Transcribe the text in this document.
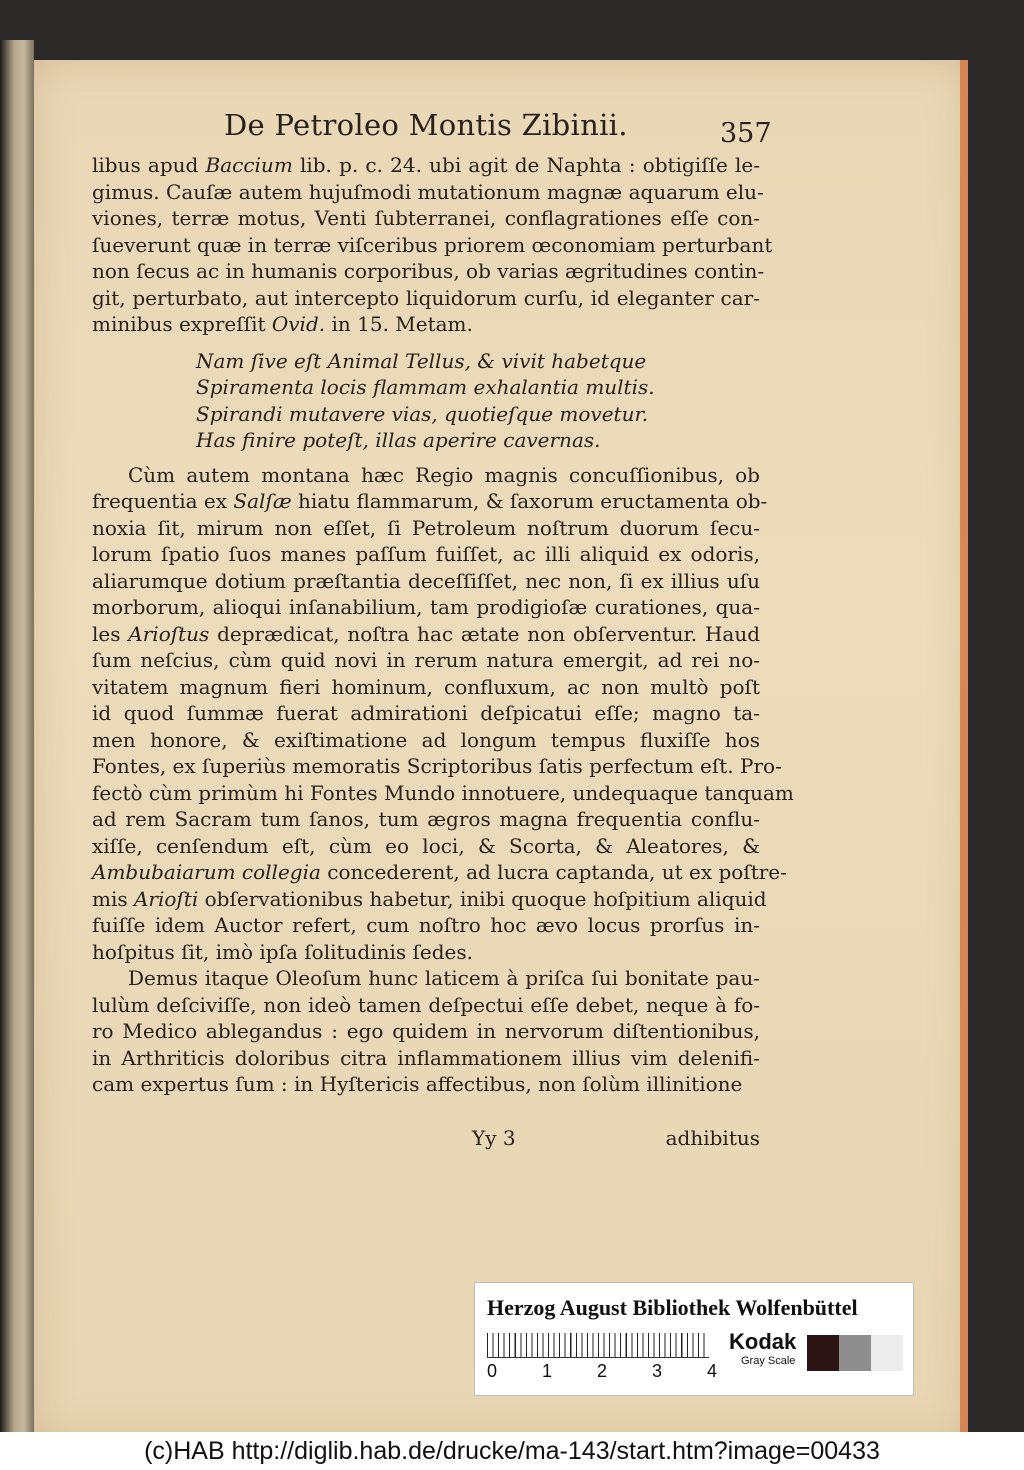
De Petroleo Montis Zibinii.	357
libus apud Baccium lib. p. c. 24. ubi agit de Naphta : obtigiſſe le-
gimus. Cauſæ autem hujuſmodi mutationum magnæ aquarum elu-
viones, terræ motus, Venti ſubterranei, conflagrationes eſſe con-
ſueverunt quæ in terræ viſceribus priorem œconomiam perturbant
non ſecus ac in humanis corporibus, ob varias ægritudines contin-
git, perturbato, aut intercepto liquidorum curſu, id eleganter car-
minibus expreſſit Ovid. in 15. Metam.
Nam ſive eſt Animal Tellus, & vivit habetque
Spiramenta locis flammam exhalantia multis.
Spirandi mutavere vias, quotieſque movetur.
Has finire poteſt, illas aperire cavernas.
Cùm autem montana hæc Regio magnis concuſſionibus, ob
frequentia ex Salſæ hiatu flammarum, & ſaxorum eructamenta ob-
noxia ſit, mirum non eſſet, ſi Petroleum noſtrum duorum ſecu-
lorum ſpatio ſuos manes paſſum fuiſſet, ac illi aliquid ex odoris,
aliarumque dotium præſtantia deceſſiſſet, nec non, ſi ex illius uſu
morborum, alioqui inſanabilium, tam prodigioſæ curationes, qua-
les Arioſtus deprædicat, noſtra hac ætate non obſerventur. Haud
ſum neſcius, cùm quid novi in rerum natura emergit, ad rei no-
vitatem magnum fieri hominum, confluxum, ac non multò poſt
id quod ſummæ fuerat admirationi deſpicatui eſſe; magno ta-
men honore, & exiſtimatione ad longum tempus fluxiſſe hos
Fontes, ex ſuperiùs memoratis Scriptoribus ſatis perfectum eſt. Pro-
fectò cùm primùm hi Fontes Mundo innotuere, undequaque tanquam
ad rem Sacram tum ſanos, tum ægros magna frequentia conflu-
xiſſe, cenſendum eſt, cùm eo loci, & Scorta, & Aleatores, &
Ambubaiarum collegia concederent, ad lucra captanda, ut ex poſtre-
mis Arioſti obſervationibus habetur, inibi quoque hoſpitium aliquid
fuiſſe idem Auctor refert, cum noſtro hoc ævo locus prorſus in-
hoſpitus ſit, imò ipſa ſolitudinis ſedes.
Demus itaque Oleoſum hunc laticem à priſca ſui bonitate pau-
lulùm deſciviſſe, non ideò tamen deſpectui eſſe debet, neque à fo-
ro Medico ablegandus : ego quidem in nervorum diſtentionibus,
in Arthriticis doloribus citra inflammationem illius vim delenifi-
cam expertus ſum : in Hyſtericis affectibus, non ſolùm illinitione
Yy 3	adhibitus
Herzog August Bibliothek Wolfenbüttel
0 1 2 3 4
Kodak
Gray Scale
(c)HAB http://diglib.hab.de/drucke/ma-143/start.htm?image=00433
